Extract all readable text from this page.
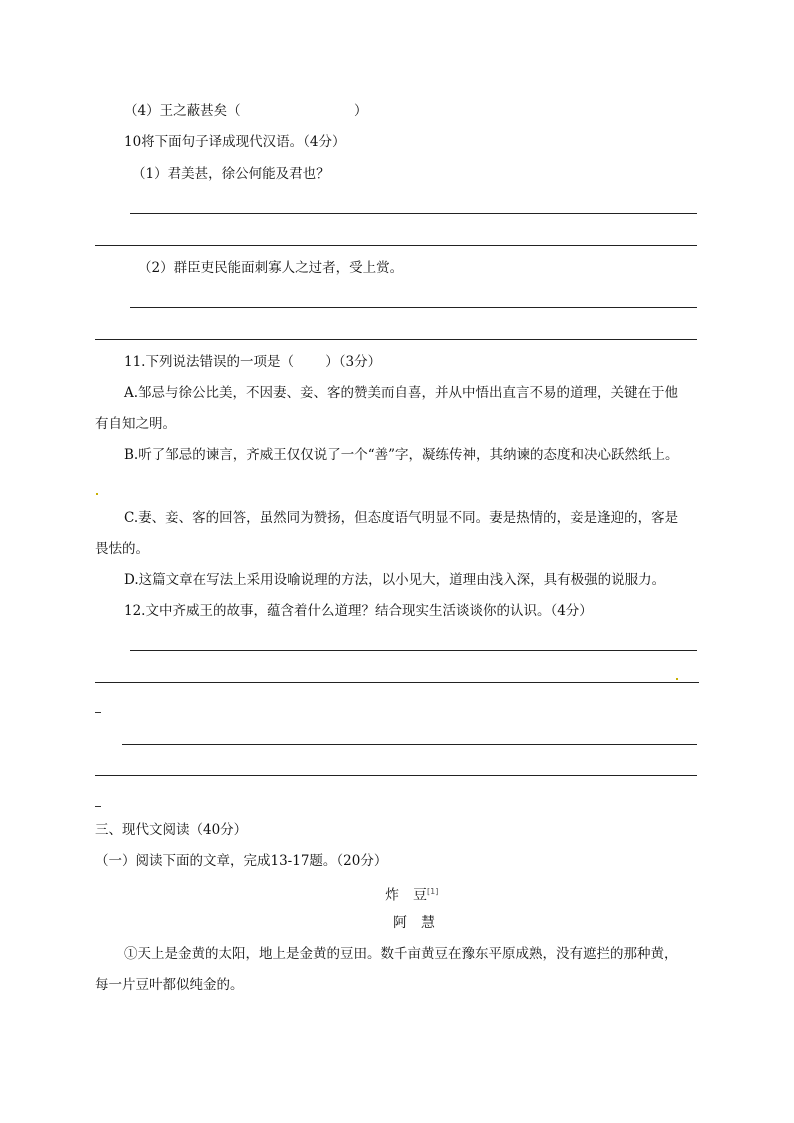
（4）王之蔽甚矣（	）
10将下面句子译成现代汉语。（4分）
（1）君美甚，徐公何能及君也？
（2）群臣吏民能面刺寡人之过者，受上赏。
11.下列说法错误的一项是（　　 ）（3分）
A.邹忌与徐公比美，不因妻、妾、客的赞美而自喜，并从中悟出直言不易的道理，关键在于他
有自知之明。
B.听了邹忌的谏言，齐威王仅仅说了一个“善”字，凝练传神，其纳谏的态度和决心跃然纸上。
C.妻、妾、客的回答，虽然同为赞扬，但态度语气明显不同。妻是热情的，妾是逢迎的，客是
畏怯的。
D.这篇文章在写法上采用设喻说理的方法，以小见大，道理由浅入深，具有极强的说服力。
12.文中齐威王的故事，蕴含着什么道理？结合现实生活谈谈你的认识。（4分）
三、现代文阅读（40分）
（一）阅读下面的文章，完成13-17题。（20分）
炸　豆[1]
阿　慧
①天上是金黄的太阳，地上是金黄的豆田。数千亩黄豆在豫东平原成熟，没有遮拦的那种黄，
每一片豆叶都似纯金的。
